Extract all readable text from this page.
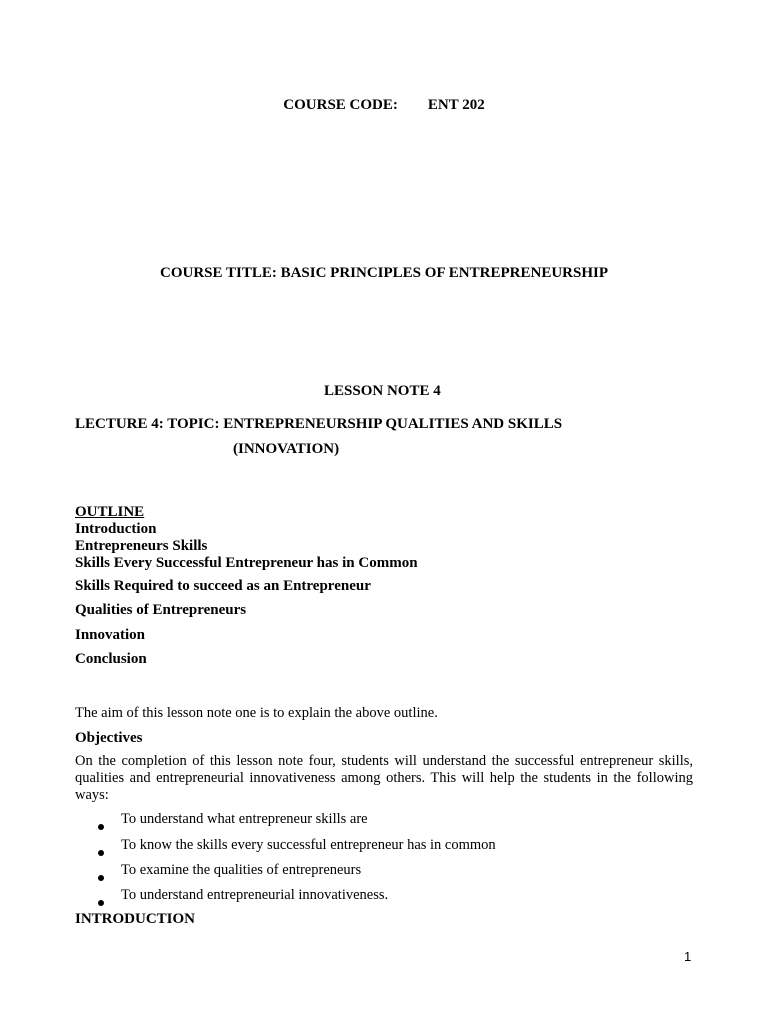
COURSE CODE: ENT 202
COURSE TITLE: BASIC PRINCIPLES OF ENTREPRENEURSHIP
LESSON NOTE 4
LECTURE 4: TOPIC: ENTREPRENEURSHIP QUALITIES AND SKILLS
(INNOVATION)
OUTLINE
Introduction
Entrepreneurs Skills
Skills Every Successful Entrepreneur has in Common
Skills Required to succeed as an Entrepreneur
Qualities of Entrepreneurs
Innovation
Conclusion
The aim of this lesson note one is to explain the above outline.
Objectives
On the completion of this lesson note four, students will understand the successful entrepreneur skills, qualities and entrepreneurial innovativeness among others. This will help the students in the following ways:
To understand what entrepreneur skills are
To know the skills every successful entrepreneur has in common
To examine the qualities of entrepreneurs
To understand entrepreneurial innovativeness.
INTRODUCTION
1
